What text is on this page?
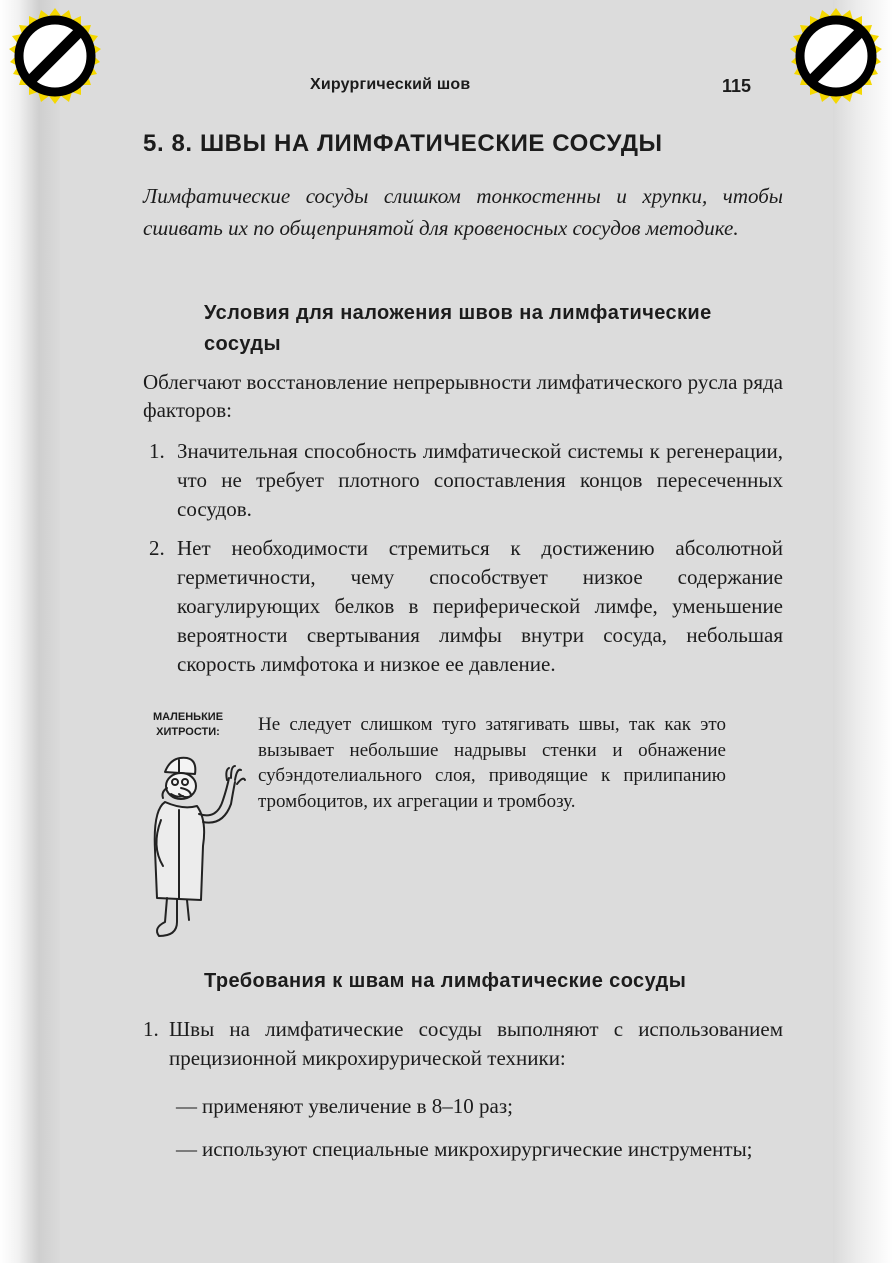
Хирургический шов	115
5. 8. ШВЫ НА ЛИМФАТИЧЕСКИЕ СОСУДЫ
Лимфатические сосуды слишком тонкостенны и хрупки, чтобы сшивать их по общепринятой для кровеносных сосудов методике.
Условия для наложения швов на лимфатические сосуды
Облегчают восстановление непрерывности лимфатического русла ряда факторов:
1. Значительная способность лимфатической системы к регенерации, что не требует плотного сопоставления концов пересеченных сосудов.
2. Нет необходимости стремиться к достижению абсолютной герметичности, чему способствует низкое содержание коагулирующих белков в периферической лимфе, уменьшение вероятности свертывания лимфы внутри сосуда, небольшая скорость лимфотока и низкое ее давление.
МАЛЕНЬКИЕ
ХИТРОСТИ:	Не следует слишком туго затягивать швы, так как это вызывает небольшие надрывы стенки и обнажение субэндотелиального слоя, приводящие к прилипанию тромбоцитов, их агрегации и тромбозу.
Требования к швам на лимфатические сосуды
1. Швы на лимфатические сосуды выполняют с использованием прецизионной микрохирурической техники:
— применяют увеличение в 8–10 раз;
— используют специальные микрохирургические инструменты;
